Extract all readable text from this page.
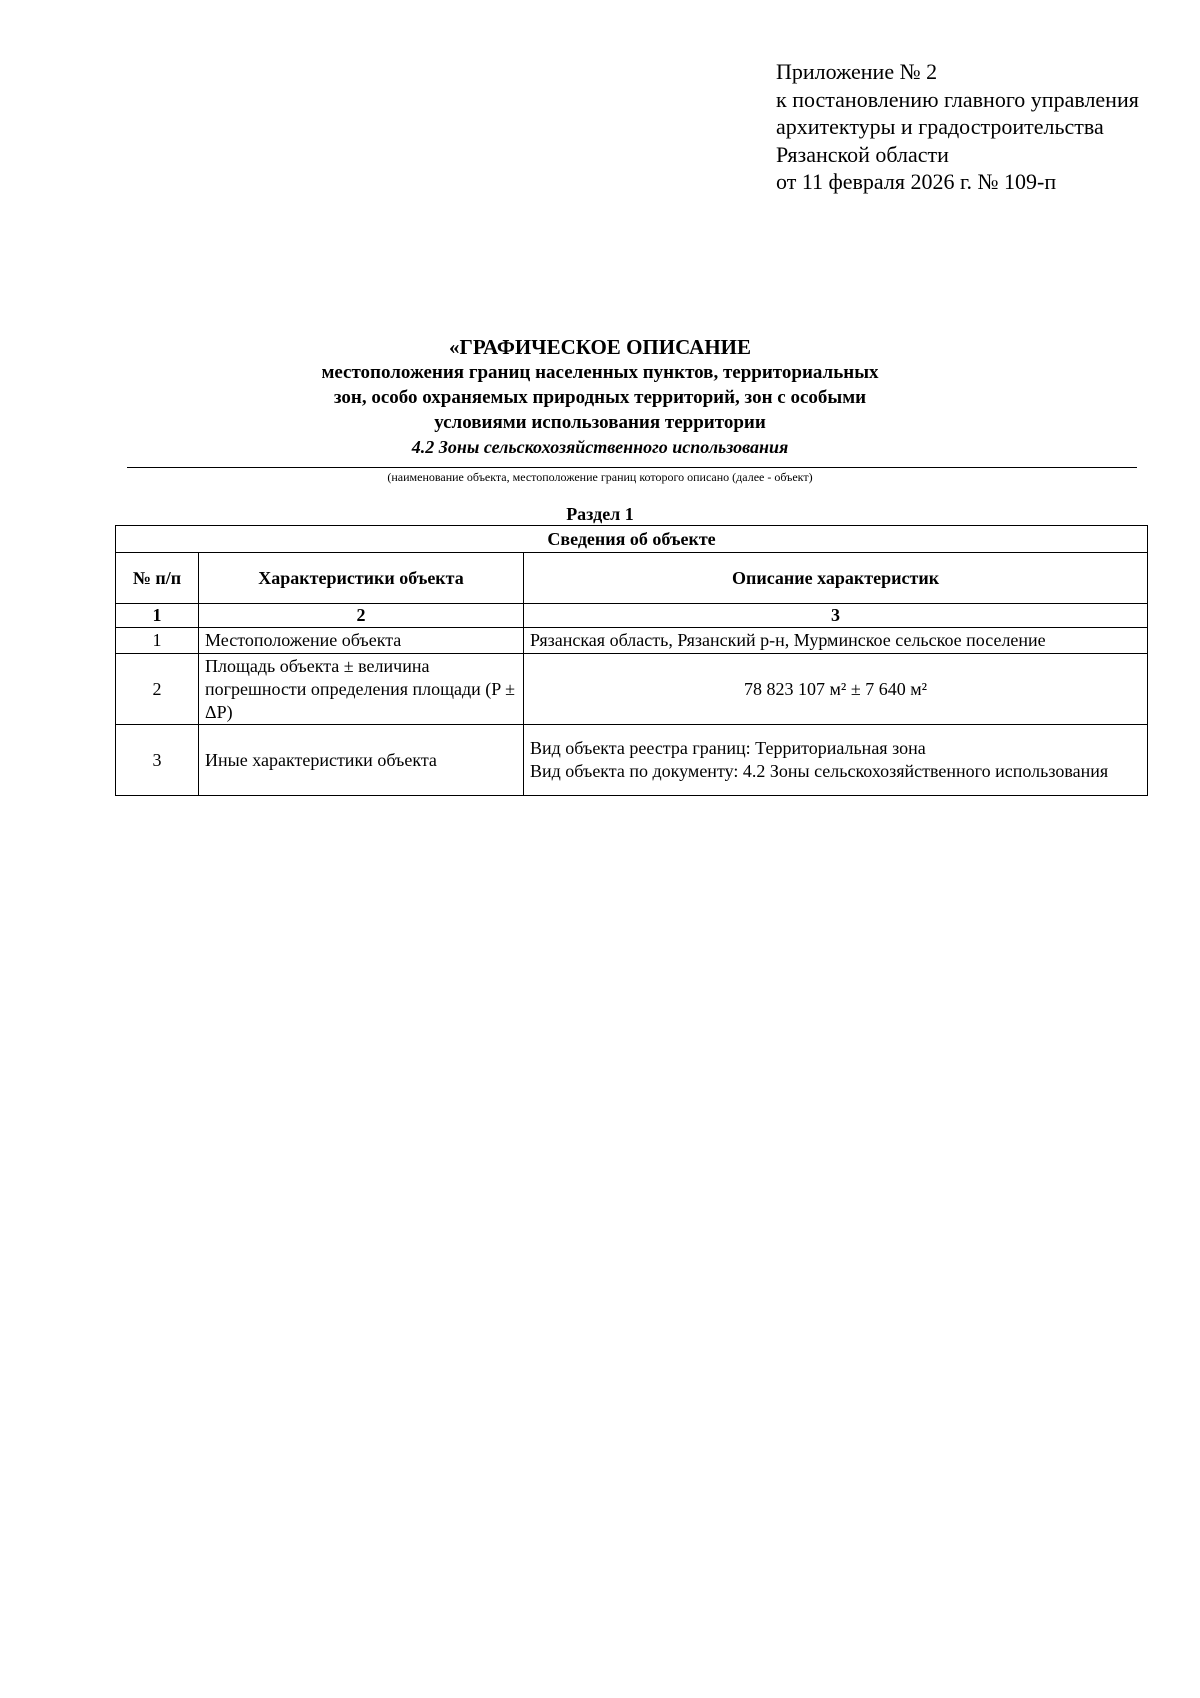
Приложение № 2
к постановлению главного управления
архитектуры и градостроительства
Рязанской области
от 11 февраля 2026 г. № 109-п
«ГРАФИЧЕСКОЕ ОПИСАНИЕ
местоположения границ населенных пунктов, территориальных
зон, особо охраняемых природных территорий, зон с особыми
условиями использования территории
4.2 Зоны сельскохозяйственного использования
(наименование объекта, местоположение границ которого описано (далее - объект)
Раздел 1
Сведения об объекте		
№ п/п	Характеристики объекта	Описание характеристик
1	2	3
1	Местоположение объекта	Рязанская область, Рязанский р-н, Мурминское сельское поселение
2	Площадь объекта ± величина погрешности определения площади (P ± ΔP)	78 823 107 м² ± 7 640 м²
3	Иные характеристики объекта	Вид объекта реестра границ: Территориальная зона
Вид объекта по документу: 4.2 Зоны сельскохозяйственного использования
